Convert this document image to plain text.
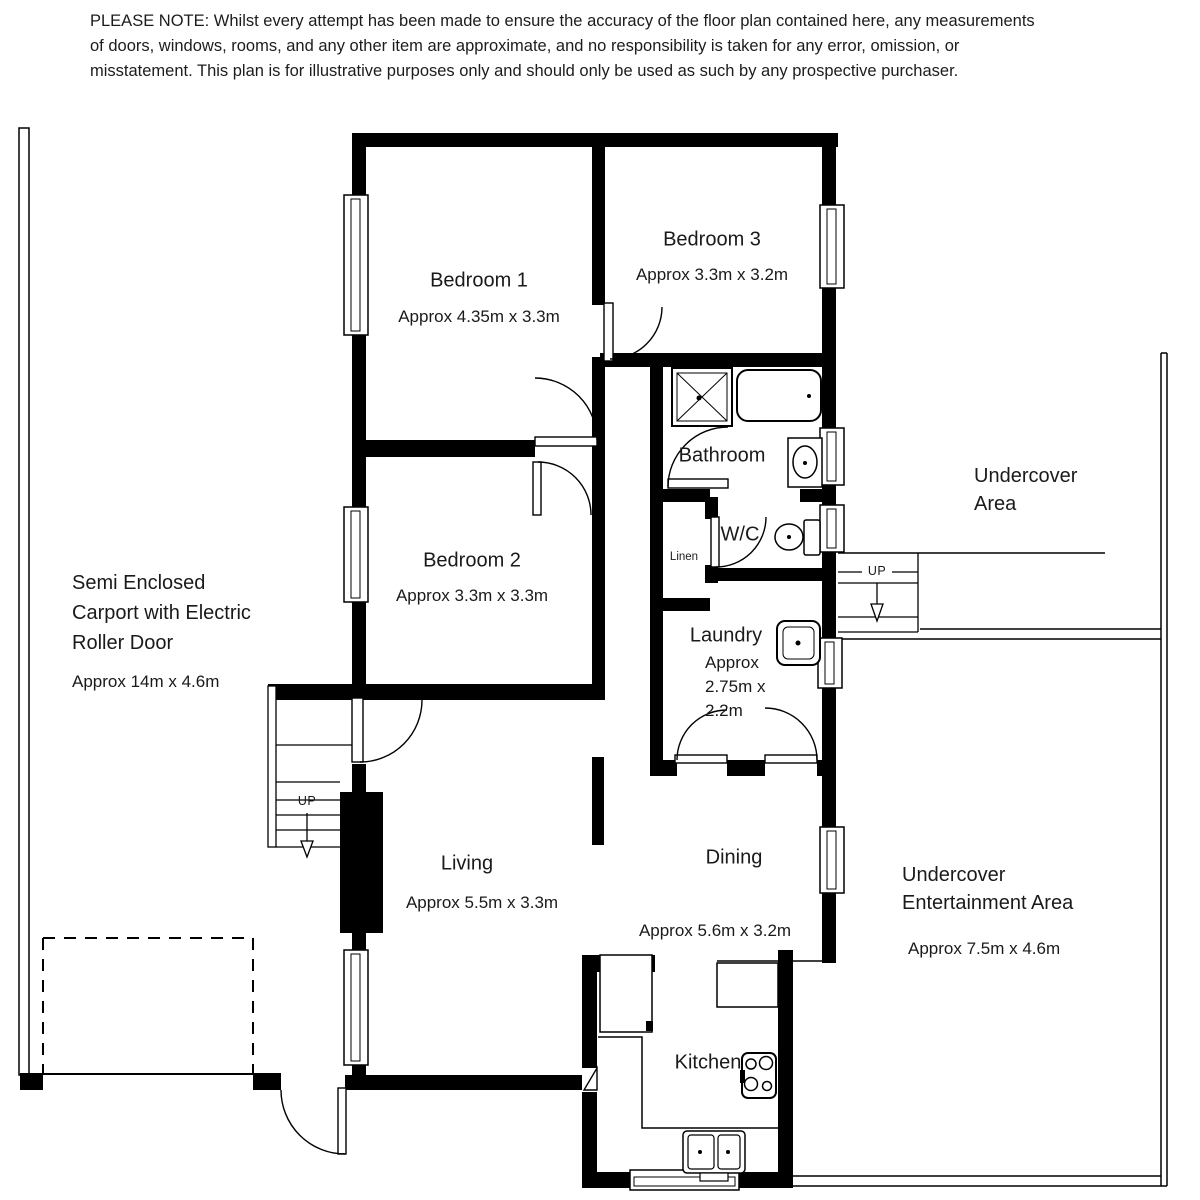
PLEASE NOTE: Whilst every attempt has been made to ensure the accuracy of the floor plan contained here, any measurements
of doors, windows, rooms, and any other item are approximate, and no responsibility is taken for any error, omission, or
misstatement. This plan is for illustrative purposes only and should only be used as such by any prospective purchaser.
Bedroom 1
Approx 4.35m x 3.3m
Bedroom 3
Approx 3.3m x 3.2m
Bathroom
W/C
Linen
Bedroom 2
Approx 3.3m x 3.3m
Laundry
Approx
2.75m x
2.2m
Living
Approx 5.5m x 3.3m
Dining
Approx 5.6m x 3.2m
Kitchen
Semi Enclosed
Carport with Electric
Roller Door
Approx 14m x 4.6m
Undercover
Area
Undercover
Entertainment Area
Approx 7.5m x 4.6m
UP
UP
